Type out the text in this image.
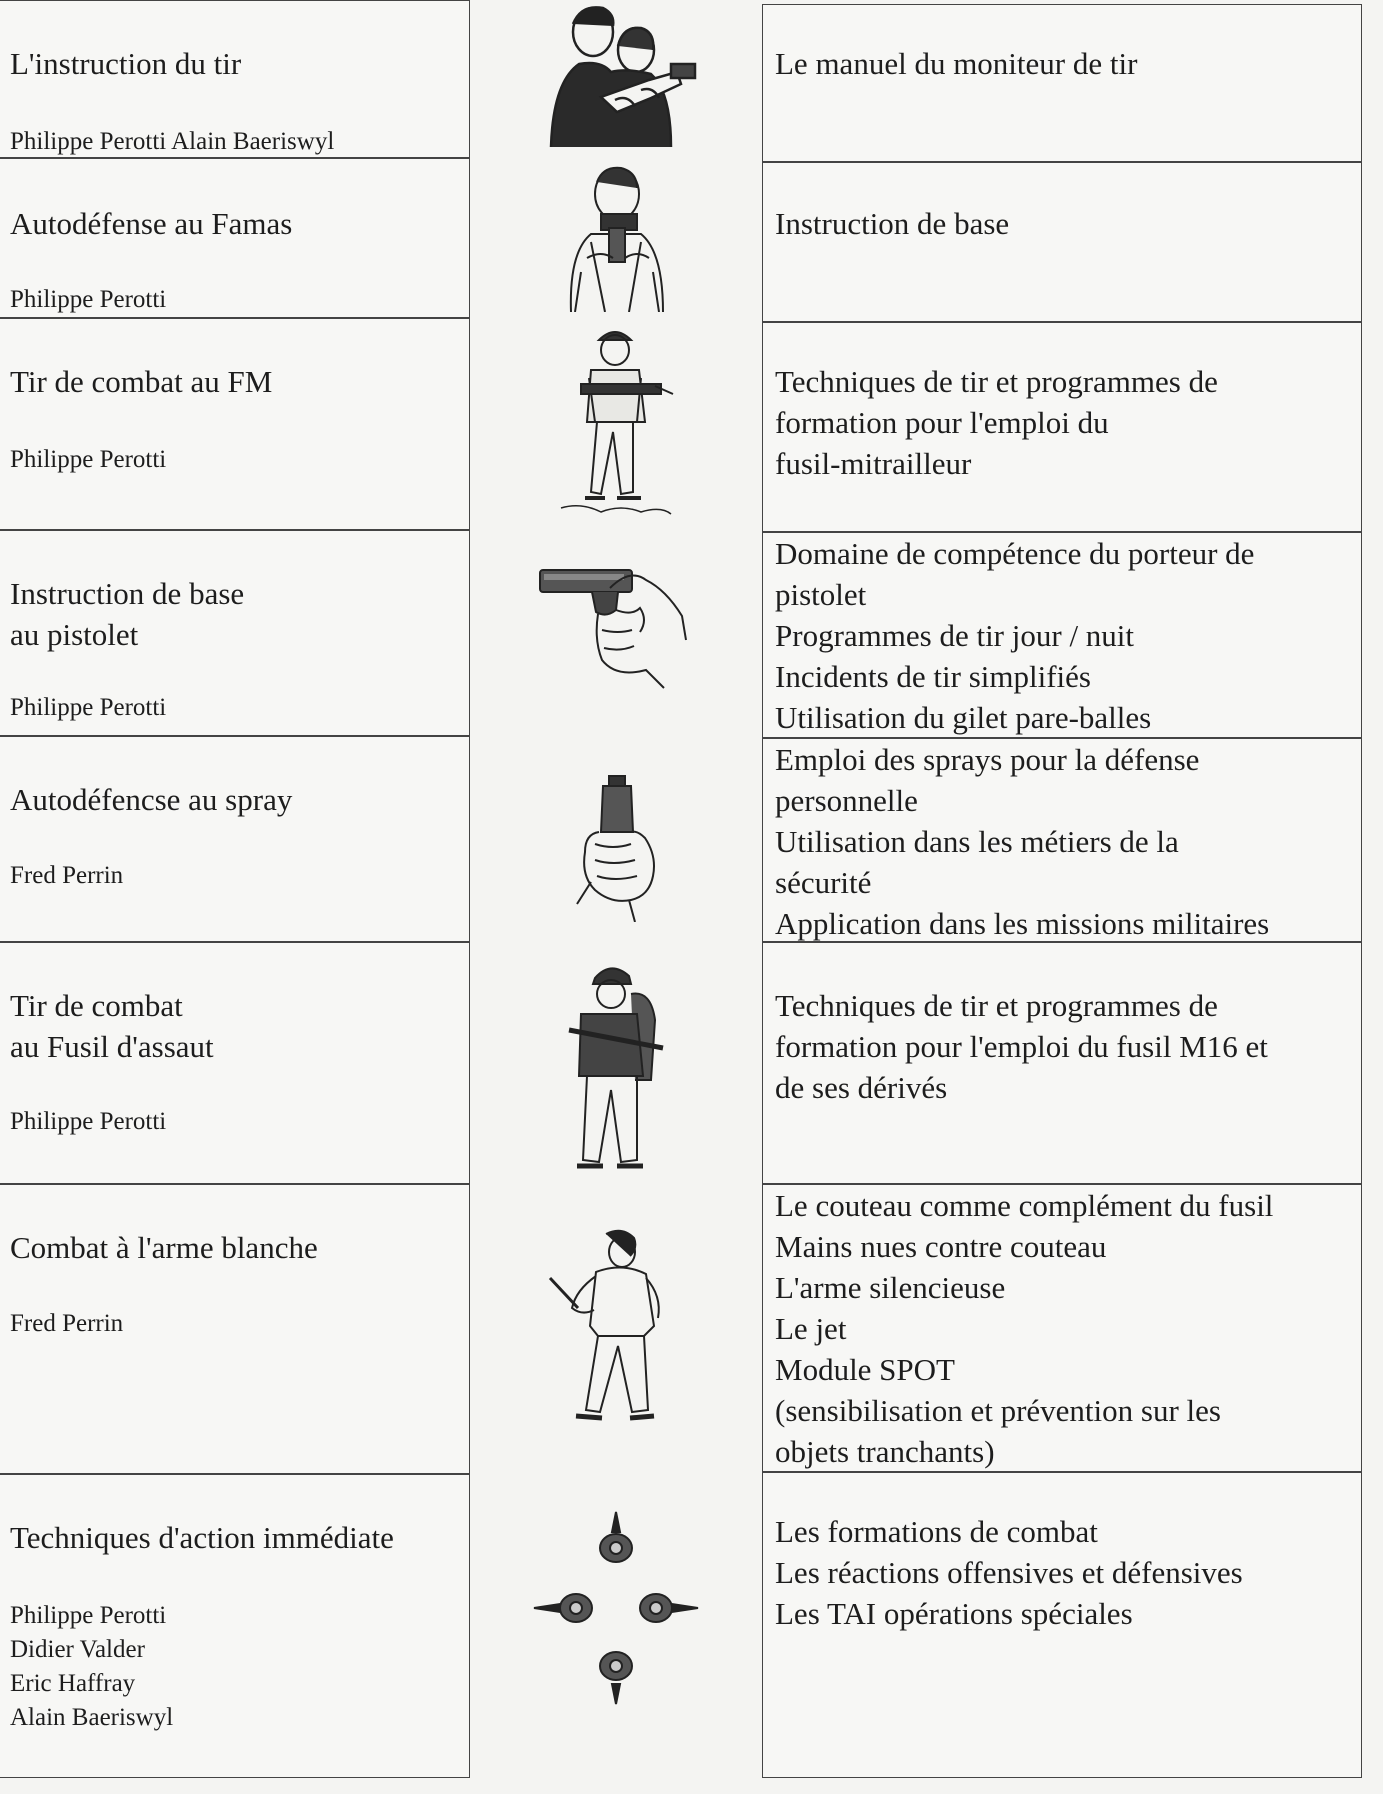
L'instruction du tir
Philippe Perotti Alain Baeriswyl
Autodéfense au Famas
Philippe Perotti
Tir de combat au FM
Philippe Perotti
Instruction de base
au pistolet
Philippe Perotti
Autodéfencse au spray
Fred Perrin
Tir de combat
au Fusil d'assaut
Philippe Perotti
Combat à l'arme blanche
Fred Perrin
Techniques d'action immédiate
Philippe Perotti
Didier Valder
Eric Haffray
Alain Baeriswyl
Le manuel du moniteur de tir
Instruction de base
Techniques de tir et programmes de
formation pour l'emploi du
fusil-mitrailleur
Domaine de compétence du porteur de
pistolet
Programmes de tir jour / nuit
Incidents de tir simplifiés
Utilisation du gilet pare-balles
Emploi des sprays pour la défense
personnelle
Utilisation dans les métiers de la
sécurité
Application dans les missions militaires
Techniques de tir et programmes de
formation pour l'emploi du fusil M16 et
de ses dérivés
Le couteau comme complément du fusil
Mains nues contre couteau
L'arme silencieuse
Le jet
Module SPOT
(sensibilisation et prévention sur les
objets tranchants)
Les formations de combat
Les réactions offensives et défensives
Les TAI opérations spéciales
